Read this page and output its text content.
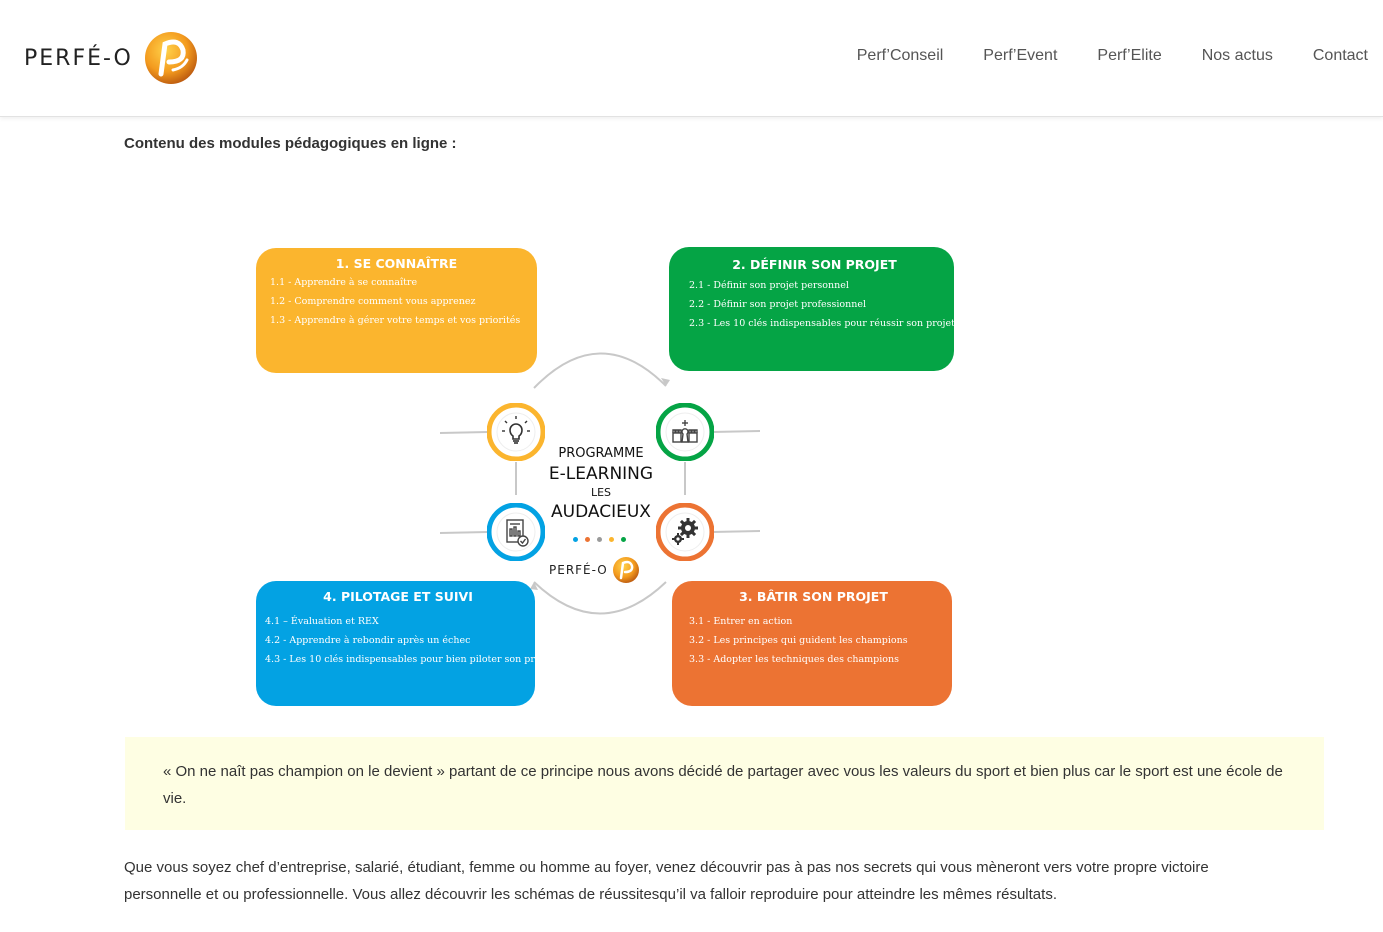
PERFÉ-O	Perf’Conseil	Perf’Event	Perf’Elite	Nos actus	Contact
Contenu des modules pédagogiques en ligne :
1. SE CONNAÎTRE

1.1 - Apprendre à se connaître

1.2 - Comprendre comment vous apprenez

1.3 - Apprendre à gérer votre temps et vos priorités

2. DÉFINIR SON PROJET

2.1 - Définir son projet personnel

2.2 - Définir son projet professionnel

2.3 - Les 10 clés indispensables pour réussir son projet

4. PILOTAGE ET SUIVI

4.1 – Évaluation et REX

4.2 - Apprendre à rebondir après un échec

4.3 - Les 10 clés indispensables pour bien piloter son projet

3. BÂTIR SON PROJET

3.1 - Entrer en action

3.2 - Les principes qui guident les champions

3.3 - Adopter les techniques des champions

PROGRAMME
E-LEARNING
LES
AUDACIEUX
PERFÉ-O
« On ne naît pas champion on le devient » partant de ce principe nous avons décidé de partager avec vous les valeurs du sport et bien plus car le sport est une école de vie.
Que vous soyez chef d’entreprise, salarié, étudiant, femme ou homme au foyer, venez découvrir pas à pas nos secrets qui vous mèneront vers votre propre victoire personnelle et ou professionnelle. Vous allez découvrir les schémas de réussitesqu’il va falloir reproduire pour atteindre les mêmes résultats.
